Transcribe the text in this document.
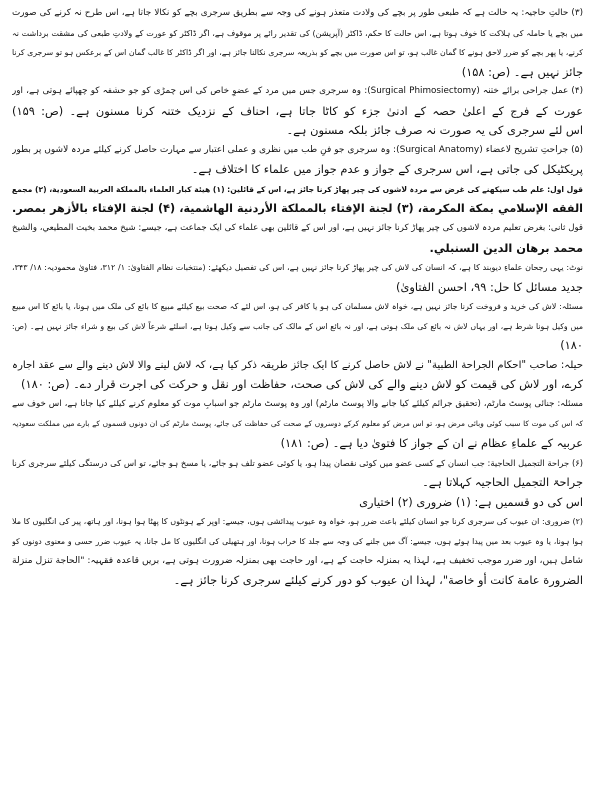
(۳) حالتِ حاجیہ: یہ حالت ہے کہ طبعی طور پر بچے کی ولادت متعذر ہونے کی وجہ سے بطریق سرجری بچے کو نکالا جاتا ہے، اس طرح نہ کرنے کی صورت
میں بچے یا حاملہ کی ہلاکت کا خوف ہوتا ہے، اس حالت کا حکم، ڈاکٹر (آپریشن) کی تقدیر رائے پر موقوف ہے، اگر ڈاکٹر کو عورت کے ولادتِ طبعی کی مشقت برداشت نہ
کرنے، یا پھر بچے کو ضرر لاحق ہونے کا گمان غالب ہو، تو اس صورت میں بچے کو بذریعہ سرجری نکالنا جائز ہے، اور اگر ڈاکٹر کا غالب گمان اس کے برعکس ہو تو سرجری کرنا
جائز نہیں ہے۔ (ص: ۱۵۸)
(۴) عمل جراحی برائے ختنہ (Surgical Phimosiectomy): وہ سرجری جس میں مرد کے عضوِ خاص کی اس چمڑی کو جو حشفہ کو چھپائے ہوتی ہے، اور
عورت کے فرج کے اعلیٰ حصہ کے ادنیٰ جزء کو کاٹا جاتا ہے، احناف کے نزدیک ختنہ کرنا مسنون ہے۔ (ص: ۱۵۹)
اس لئے سرجری کی یہ صورت نہ صرف جائز بلکہ مسنون ہے۔
(۵) جراحتِ تشریح لاعضاء (Surgical Anatomy): وہ سرجری جو فنِ طب میں نظری و عملی اعتبار سے مہارت حاصل کرنے کیلئے مردہ لاشوں پر بطور
پریکٹیکل کی جاتی ہے، اس سرجری کے جواز و عدم جواز میں علماء کا اختلاف ہے۔
قول اول: علم طب سیکھنے کی غرض سے مردہ لاشوں کی چیر پھاڑ کرنا جائز ہے، اس کے قائلین: (۱) هيئة كبار العلماء بالمملكة العربية السعودية، (۲) مجمع
الفقه الإسلامي بمكة المكرمة، (۳) لجنة الإفتاء بالمملكة الأردنية الهاشمية، (۴) لجنة الإفتاء بالأزهر بمصر.
قول ثانی: بغرض تعلیم مردہ لاشوں کی چیر پھاڑ کرنا جائز نہیں ہے، اور اس کے قائلین بھی علماء کی ایک جماعت ہے، جیسے: شيخ محمد بخيت المطيعي، والشيخ
محمد برهان الدين السنبلي.
نوٹ: یہی رجحان علماءِ دیوبند کا ہے، کہ انسان کی لاش کی چیر پھاڑ کرنا جائز نہیں ہے، اس کی تفصیل دیکھئے: (منتخبات نظام الفتاویٰ: ۱/ ۳۱۲، فتاویٰ محمودیہ: ۱۸/ ۳۴۳،
جدید مسائل کا حل: ۹۹، احسن الفتاویٰ)
مسئلہ: لاش کی خرید و فروخت کرنا جائز نہیں ہے، خواہ لاش مسلمان کی ہو یا کافر کی ہو، اس لئے کہ صحت بیع کیلئے مبیع کا بائع کی ملک میں ہونا، یا بائع کا اس مبیع
میں وکیل ہونا شرط ہے، اور یہاں لاش نہ بائع کی ملک ہوتی ہے، اور نہ بائع اس کے مالک کی جانب سے وکیل ہوتا ہے، اسلئے شرعاً لاش کی بیع و شراء جائز نہیں ہے۔ (ص:
۱۸۰)
حیلہ: صاحب "احکام الجراحة الطبية" نے لاش حاصل کرنے کا ایک جائز طریقہ ذکر کیا ہے، کہ لاش لینے والا لاش دینے والے سے عقد اجارہ
کرے، اور لاش کی قیمت کو لاش دینے والے کی لاش کی صحت، حفاظت اور نقل و حرکت کی اجرت قرار دے۔ (ص: ۱۸۰)
مسئلہ: جنائی پوسٹ مارٹم، (تحقیق جرائم کیلئے کیا جانے والا پوسٹ مارٹم) اور وہ پوسٹ مارٹم جو اسبابِ موت کو معلوم کرنے کیلئے کیا جاتا ہے، اس خوف سے
کہ اس کی موت کا سبب کوئی وبائی مرض ہو، تو اس مرض کو معلوم کرکے دوسروں کے صحت کی حفاظت کی جائے، پوسٹ مارٹم کی ان دونوں قسموں کے بارے میں مملکت سعودیہ
عربیہ کے علماءِ عظام نے ان کے جواز کا فتویٰ دیا ہے۔ (ص: ۱۸۱)
(۶) جراحة التجميل الحاجية: جب انسان کے کسی عضو میں کوئی نقصان پیدا ہو، یا کوئی عضو تلف ہو جائے، یا مسخ ہو جائے، تو اس کی درستگی کیلئے سرجری کرنا
جراحۃ التجمیل الحاجیہ کہلاتا ہے۔
اس کی دو قسمیں ہے: (۱) ضروری (۲) اختیاری
(۲) ضروری: ان عیوب کی سرجری کرنا جو انسان کیلئے باعث ضرر ہو، خواہ وہ عیوب پیدائشی ہوں، جیسے: اوپر کے ہونٹوں کا پھٹا ہوا ہونا، اور ہاتھ، پیر کی انگلیوں کا ملا
ہوا ہونا، یا وہ عیوب بعد میں پیدا ہوئے ہوں، جیسے: آگ میں جلنے کی وجہ سے جلد کا خراب ہونا، اور ہتھیلی کی انگلیوں کا مل جانا، یہ عیوب ضرر حسی و معنوی دونوں کو
شامل ہیں، اور ضرر موجب تخفیف ہے، لہذا یہ بمنزلہ حاجت کے ہے، اور حاجت بھی بمنزلہ ضرورت ہوتی ہے، بریں قاعدہ فقہیہ: "الحاجة تنزل منزلة
الضرورة عامة كانت أو خاصة"، لہذا ان عیوب کو دور کرنے کیلئے سرجری کرنا جائز ہے۔
